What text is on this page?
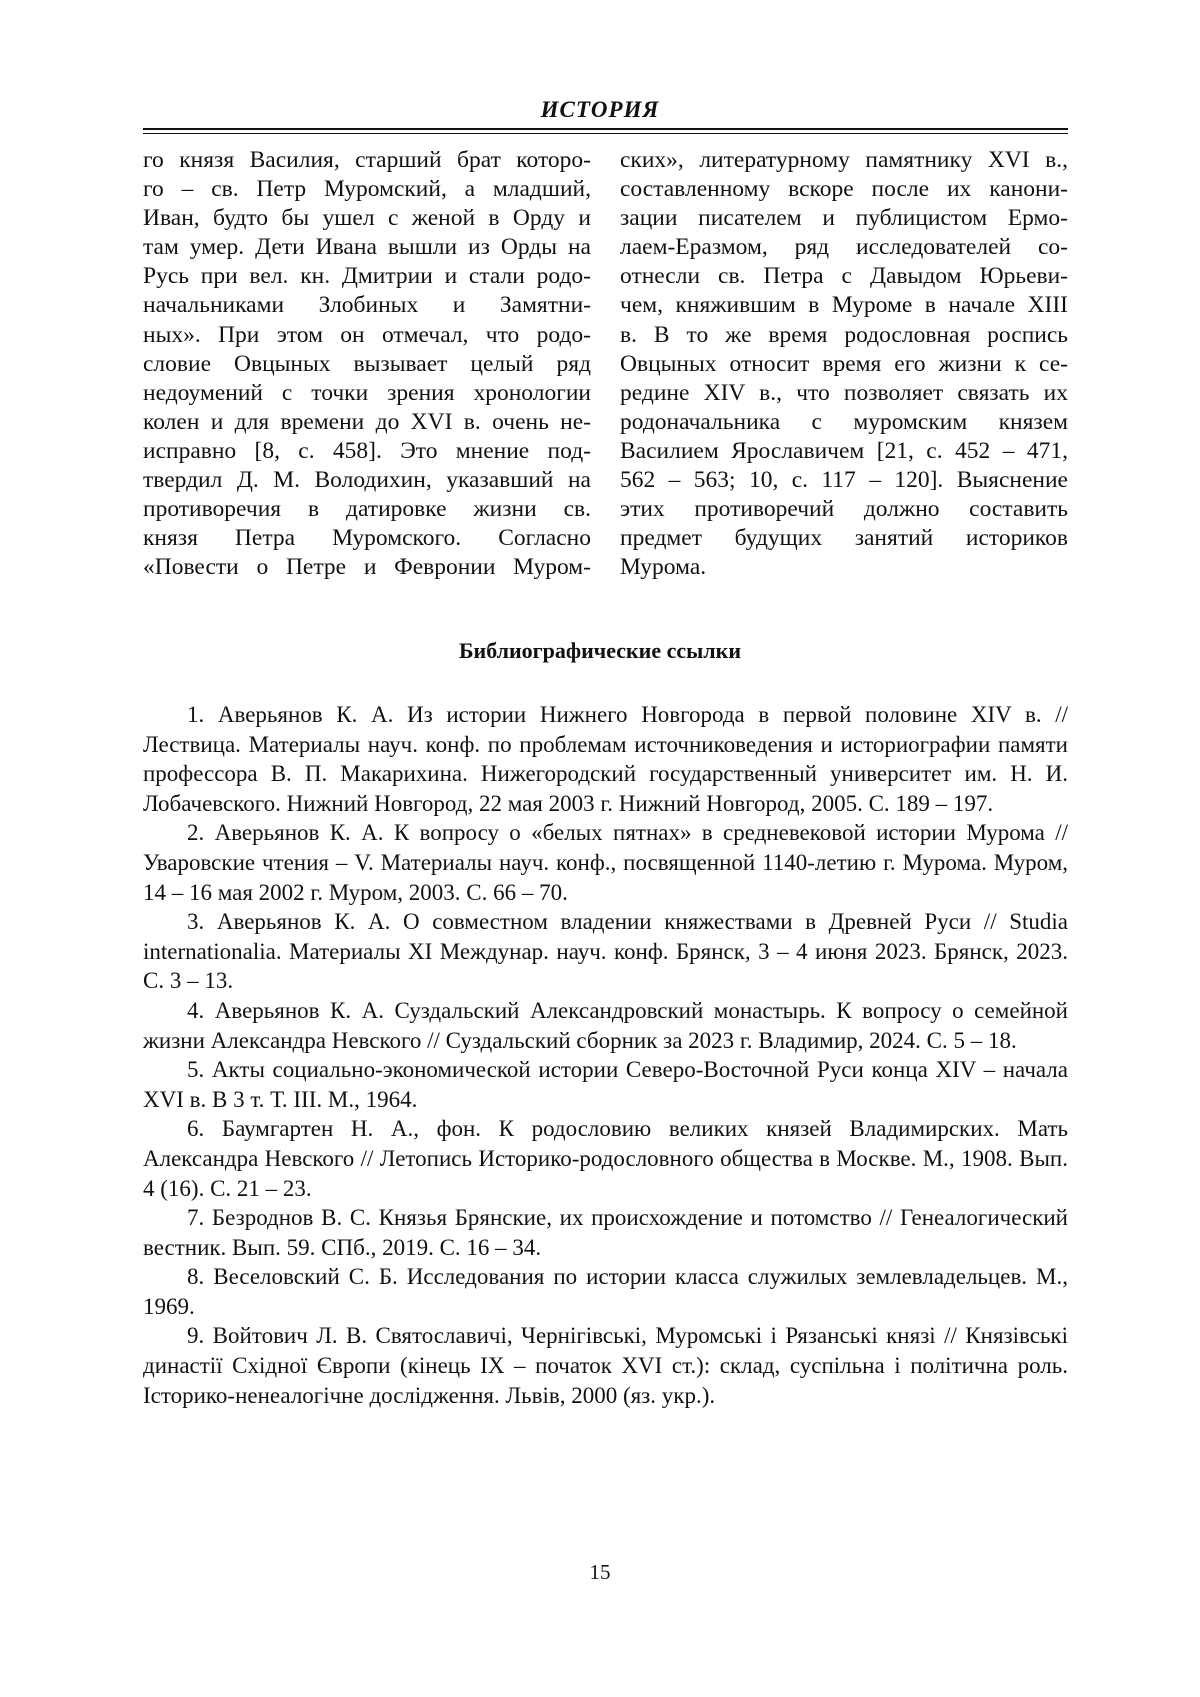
ИСТОРИЯ
го князя Василия, старший брат которо-
го – св. Петр Муромский, а младший,
Иван, будто бы ушел с женой в Орду и
там умер. Дети Ивана вышли из Орды на
Русь при вел. кн. Дмитрии и стали родо-
начальниками Злобиных и Замятни-
ных». При этом он отмечал, что родо-
словие Овцыных вызывает целый ряд
недоумений с точки зрения хронологии
колен и для времени до XVI в. очень не-
исправно [8, с. 458]. Это мнение под-
твердил Д. М. Володихин, указавший на
противоречия в датировке жизни св.
князя Петра Муромского. Согласно
«Повести о Петре и Февронии Муром-
ских», литературному памятнику XVI в.,
составленному вскоре после их канони-
зации писателем и публицистом Ермо-
лаем-Еразмом, ряд исследователей со-
отнесли св. Петра с Давыдом Юрьеви-
чем, княжившим в Муроме в начале XIII
в. В то же время родословная роспись
Овцыных относит время его жизни к се-
редине XIV в., что позволяет связать их
родоначальника с муромским князем
Василием Ярославичем [21, с. 452 – 471,
562 – 563; 10, с. 117 – 120]. Выяснение
этих противоречий должно составить
предмет будущих занятий историков
Мурома.
Библиографические ссылки

1. Аверьянов К. А. Из истории Нижнего Новгорода в первой половине XIV в. // Лествица. Материалы науч. конф. по проблемам источниковедения и историографии памяти профессора В. П. Макарихина. Нижегородский государственный университет им. Н. И. Лобачевского. Нижний Новгород, 22 мая 2003 г. Нижний Новгород, 2005. С. 189 – 197.

2. Аверьянов К. А. К вопросу о «белых пятнах» в средневековой истории Мурома // Уваровские чтения – V. Материалы науч. конф., посвященной 1140-летию г. Мурома. Муром, 14 – 16 мая 2002 г. Муром, 2003. С. 66 – 70.

3. Аверьянов К. А. О совместном владении княжествами в Древней Руси // Studia internationalia. Материалы XI Междунар. науч. конф. Брянск, 3 – 4 июня 2023. Брянск, 2023. С. 3 – 13.

4. Аверьянов К. А. Суздальский Александровский монастырь. К вопросу о семейной жизни Александра Невского // Суздальский сборник за 2023 г. Владимир, 2024. С. 5 – 18.

5. Акты социально-экономической истории Северо-Восточной Руси конца XIV – начала XVI в. В 3 т. Т. III. М., 1964.

6. Баумгартен Н. А., фон. К родословию великих князей Владимирских. Мать Александра Невского // Летопись Историко-родословного общества в Москве. М., 1908. Вып. 4 (16). С. 21 – 23.

7. Безроднов В. С. Князья Брянские, их происхождение и потомство // Генеалогический вестник. Вып. 59. СПб., 2019. С. 16 – 34.

8. Веселовский С. Б. Исследования по истории класса служилых землевладельцев. М., 1969.

9. Войтович Л. В. Святославичі, Чернігівські, Муромські і Рязанські князі // Князівські династії Східної Європи (кінець IX – початок XVI ст.): склад, суспільна і політична роль. Історико-ненеалогічне дослідження. Львів, 2000 (яз. укр.).

15
